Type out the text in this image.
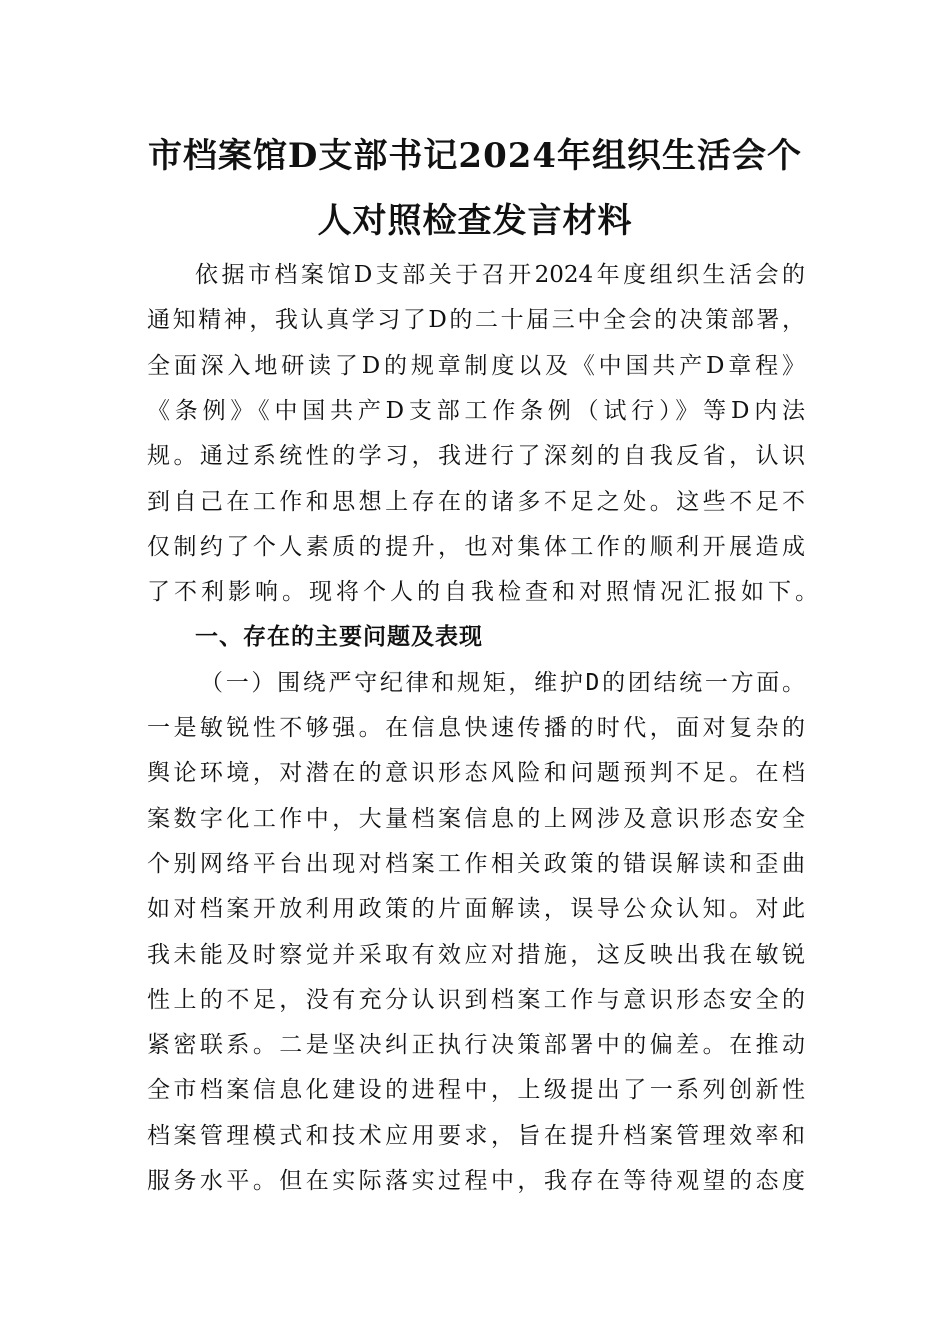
市档案馆D支部书记2024年组织生活会个
人对照检查发言材料
依据市档案馆D支部关于召开2024年度组织生活会的
通知精神，我认真学习了D的二十届三中全会的决策部署，
全面深入地研读了D的规章制度以及《中国共产D章程》
《条例》《中国共产D支部工作条例（试行）》等D内法
规。通过系统性的学习，我进行了深刻的自我反省，认识
到自己在工作和思想上存在的诸多不足之处。这些不足不
仅制约了个人素质的提升，也对集体工作的顺利开展造成
了不利影响。现将个人的自我检查和对照情况汇报如下。
一、存在的主要问题及表现
（一）围绕严守纪律和规矩，维护D的团结统一方面。
一是敏锐性不够强。在信息快速传播的时代，面对复杂的
舆论环境，对潜在的意识形态风险和问题预判不足。在档
案数字化工作中，大量档案信息的上网涉及意识形态安全
个别网络平台出现对档案工作相关政策的错误解读和歪曲
如对档案开放利用政策的片面解读，误导公众认知。对此
我未能及时察觉并采取有效应对措施，这反映出我在敏锐
性上的不足，没有充分认识到档案工作与意识形态安全的
紧密联系。二是坚决纠正执行决策部署中的偏差。在推动
全市档案信息化建设的进程中，上级提出了一系列创新性
档案管理模式和技术应用要求，旨在提升档案管理效率和
服务水平。但在实际落实过程中，我存在等待观望的态度
